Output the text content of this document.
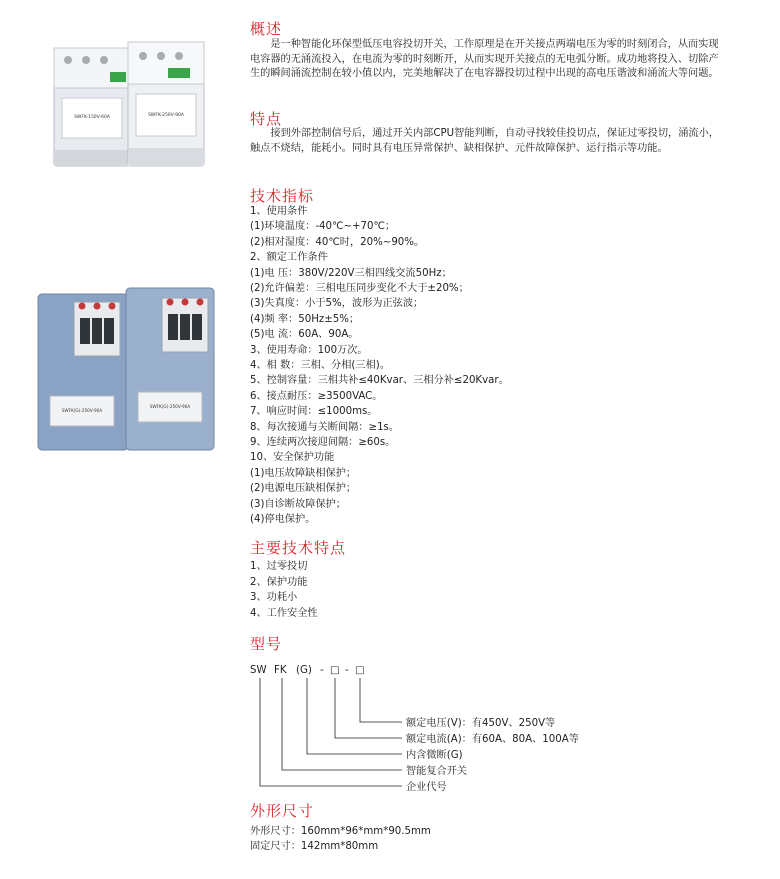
SWFK-150V-60A	SWFK-250V-90A
SWFK(G)-250V-90A
SWFK(G)-250V-90A
概述
　　是一种智能化环保型低压电容投切开关，工作原理是在开关接点两端电压为零的时刻闭合，从而实现电容器的无涌流投入，在电流为零的时刻断开，从而实现开关接点的无电弧分断。成功地将投入、切除产生的瞬间涌流控制在较小值以内，完美地解决了在电容器投切过程中出现的高电压谐波和涌流大等问题。
特点
　　接到外部控制信号后，通过开关内部CPU智能判断，自动寻找较佳投切点，保证过零投切，涌流小，触点不烧结，能耗小。同时具有电压异常保护、缺相保护、元件故障保护、运行指示等功能。
技术指标
1、使用条件
(1)环境温度：-40℃~+70℃；
(2)相对湿度：40℃时，20%~90%。
2、额定工作条件
(1)电 压：380V/220V三相四线交流50Hz；
(2)允许偏差：三相电压同步变化不大于±20%；
(3)失真度：小于5%，波形为正弦波；
(4)频 率：50Hz±5%；
(5)电 流：60A、90A。
3、使用寿命：100万次。
4、相 数：三相、分相(三相)。
5、控制容量：三相共补≤40Kvar、三相分补≤20Kvar。
6、接点耐压：≥3500VAC。
7、响应时间：≤1000ms。
8、每次接通与关断间隔：≥1s。
9、连续两次接迎间隔：≥60s。
10、安全保护功能
(1)电压故障缺相保护；
(2)电源电压缺相保护；
(3)自诊断故障保护；
(4)停电保护。
主要技术特点
1、过零投切
2、保护功能
3、功耗小
4、工作安全性
型号
SW FK (G) - □ - □
额定电压(V)：有450V、250V等
额定电流(A)：有60A、80A、100A等
内含微断(G)
智能复合开关
企业代号
外形尺寸
外形尺寸：160mm*96*mm*90.5mm
固定尺寸：142mm*80mm
